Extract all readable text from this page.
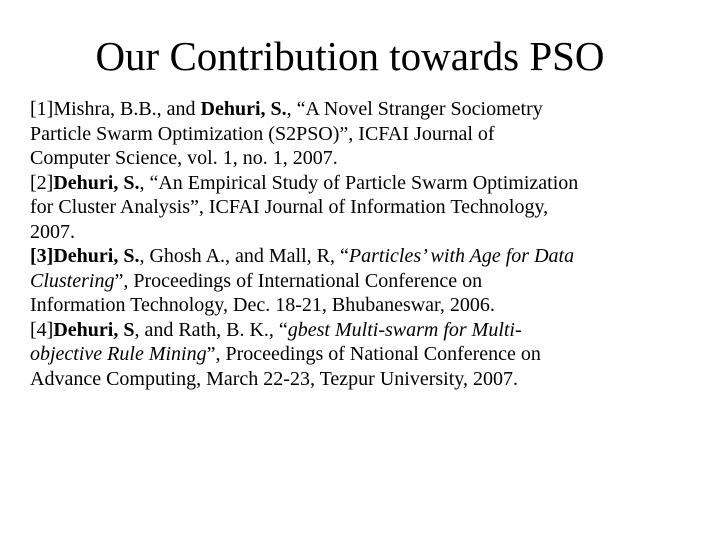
Our Contribution towards PSO
[1]Mishra, B.B., and Dehuri, S., “A Novel Stranger Sociometry
Particle Swarm Optimization (S2PSO)”, ICFAI Journal of
Computer Science, vol. 1, no. 1, 2007.
[2]Dehuri, S., “An Empirical Study of Particle Swarm Optimization
for Cluster Analysis”, ICFAI Journal of Information Technology,
2007.
[3]Dehuri, S., Ghosh A., and Mall, R, “Particles’ with Age for Data
Clustering”, Proceedings of International Conference on
Information Technology, Dec. 18-21, Bhubaneswar, 2006.
[4]Dehuri, S, and Rath, B. K., “gbest Multi-swarm for Multi-
objective Rule Mining”, Proceedings of National Conference on
Advance Computing, March 22-23, Tezpur University, 2007.
